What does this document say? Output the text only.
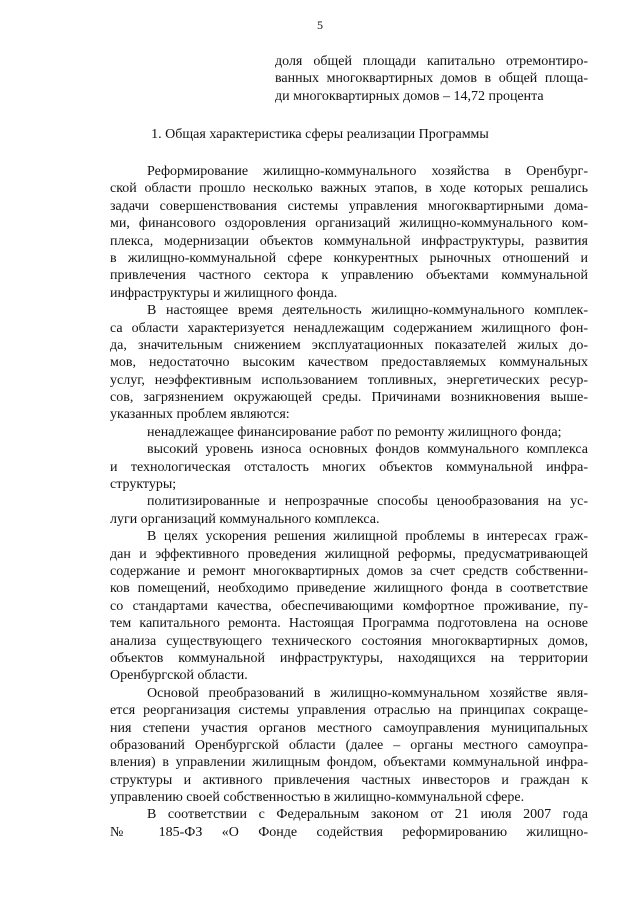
5
доля общей площади капитально отремонтиро-
ванных многоквартирных домов в общей площа-
ди многоквартирных домов – 14,72 процента
1. Общая характеристика сферы реализации Программы
Реформирование жилищно-коммунального хозяйства в Оренбург-
ской области прошло несколько важных этапов, в ходе которых решались
задачи совершенствования системы управления многоквартирными дома-
ми, финансового оздоровления организаций жилищно-коммунального ком-
плекса, модернизации объектов коммунальной инфраструктуры, развития
в жилищно-коммунальной сфере конкурентных рыночных отношений и
привлечения частного сектора к управлению объектами коммунальной
инфраструктуры и жилищного фонда.
В настоящее время деятельность жилищно-коммунального комплек-
са области характеризуется ненадлежащим содержанием жилищного фон-
да, значительным снижением эксплуатационных показателей жилых до-
мов, недостаточно высоким качеством предоставляемых коммунальных
услуг, неэффективным использованием топливных, энергетических ресур-
сов, загрязнением окружающей среды. Причинами возникновения выше-
указанных проблем являются:
ненадлежащее финансирование работ по ремонту жилищного фонда;
высокий уровень износа основных фондов коммунального комплекса
и технологическая отсталость многих объектов коммунальной инфра-
структуры;
политизированные и непрозрачные способы ценообразования на ус-
луги организаций коммунального комплекса.
В целях ускорения решения жилищной проблемы в интересах граж-
дан и эффективного проведения жилищной реформы, предусматривающей
содержание и ремонт многоквартирных домов за счет средств собственни-
ков помещений, необходимо приведение жилищного фонда в соответствие
со стандартами качества, обеспечивающими комфортное проживание, пу-
тем капитального ремонта. Настоящая Программа подготовлена на основе
анализа существующего технического состояния многоквартирных домов,
объектов коммунальной инфраструктуры, находящихся на территории
Оренбургской области.
Основой преобразований в жилищно-коммунальном хозяйстве явля-
ется реорганизация системы управления отраслью на принципах сокраще-
ния степени участия органов местного самоуправления муниципальных
образований Оренбургской области (далее – органы местного самоупра-
вления) в управлении жилищным фондом, объектами коммунальной инфра-
структуры и активного привлечения частных инвесторов и граждан к
управлению своей собственностью в жилищно-коммунальной сфере.
В соответствии с Федеральным законом от 21 июля 2007 года
№ 185-ФЗ «О Фонде содействия реформированию жилищно-
